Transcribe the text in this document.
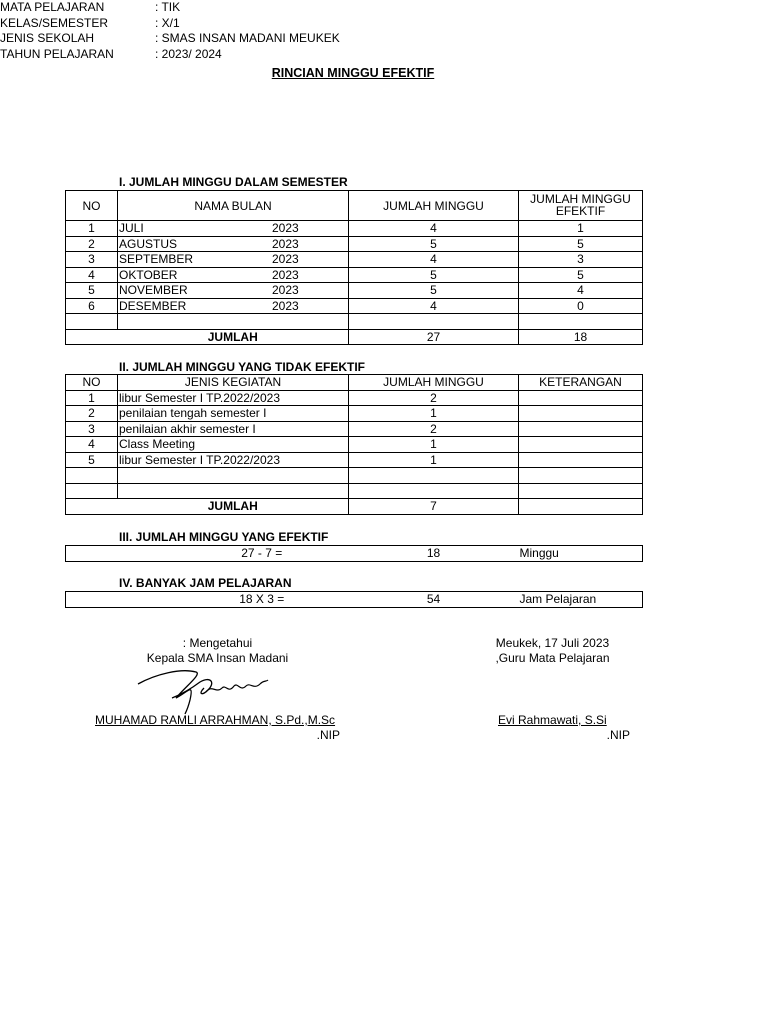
RINCIAN MINGGU EFEKTIF
MATA PELAJARAN	: TIK
KELAS/SEMESTER	: X/1
JENIS SEKOLAH	: SMAS INSAN MADANI MEUKEK
TAHUN PELAJARAN	: 2023/ 2024
I. JUMLAH MINGGU DALAM SEMESTER
NO	NAMA BULAN	JUMLAH MINGGU	JUMLAH MINGGU EFEKTIF
1	JULI 2023	4	1
2	AGUSTUS 2023	5	5
3	SEPTEMBER 2023	4	3
4	OKTOBER 2023	5	5
5	NOVEMBER 2023	5	4
6	DESEMBER 2023	4	0

	JUMLAH	27	18
II. JUMLAH MINGGU YANG TIDAK EFEKTIF
NO	JENIS KEGIATAN	JUMLAH MINGGU	KETERANGAN
1	libur Semester I TP.2022/2023	2	
2	penilaian tengah semester I	1	
3	penilaian akhir semester I	2	
4	Class Meeting	1	
5	libur Semester I TP.2022/2023	1	

	JUMLAH	7	
III. JUMLAH MINGGU YANG EFEKTIF
27 - 7 =	18	Minggu
IV. BANYAK JAM PELAJARAN
18 X 3 =	54	Jam Pelajaran
: Mengetahui
Kepala SMA Insan Madani
MUHAMAD RAMLI ARRAHMAN, S.Pd.,M.Sc
.NIP
Meukek, 17 Juli 2023
,Guru Mata Pelajaran
Evi Rahmawati, S.Si
.NIP
